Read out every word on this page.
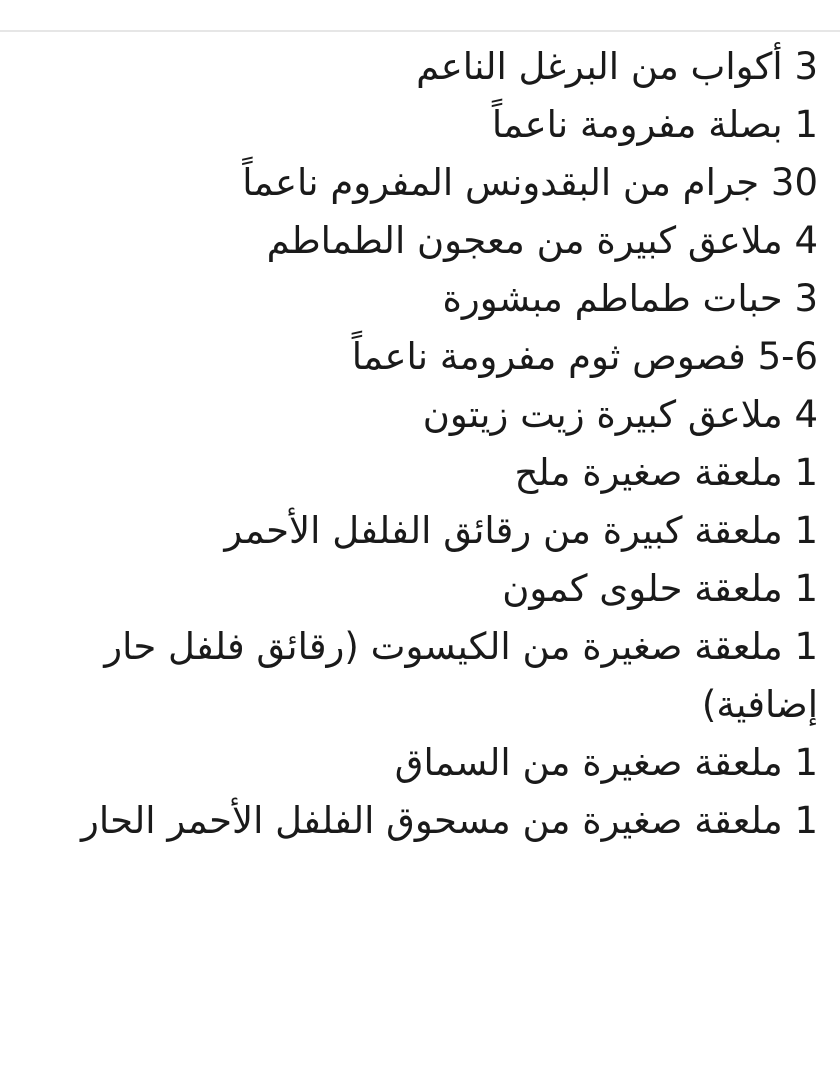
3 أكواب من البرغل الناعم
1 بصلة مفرومة ناعماً
30 جرام من البقدونس المفروم ناعماً
4 ملاعق كبيرة من معجون الطماطم
3 حبات طماطم مبشورة
5-6 فصوص ثوم مفرومة ناعماً
4 ملاعق كبيرة زيت زيتون
1 ملعقة صغيرة ملح
1 ملعقة كبيرة من رقائق الفلفل الأحمر
1 ملعقة حلوى كمون
1 ملعقة صغيرة من الكيسوت (رقائق فلفل حار إضافية)
1 ملعقة صغيرة من السماق
1 ملعقة صغيرة من مسحوق الفلفل الأحمر الحار
